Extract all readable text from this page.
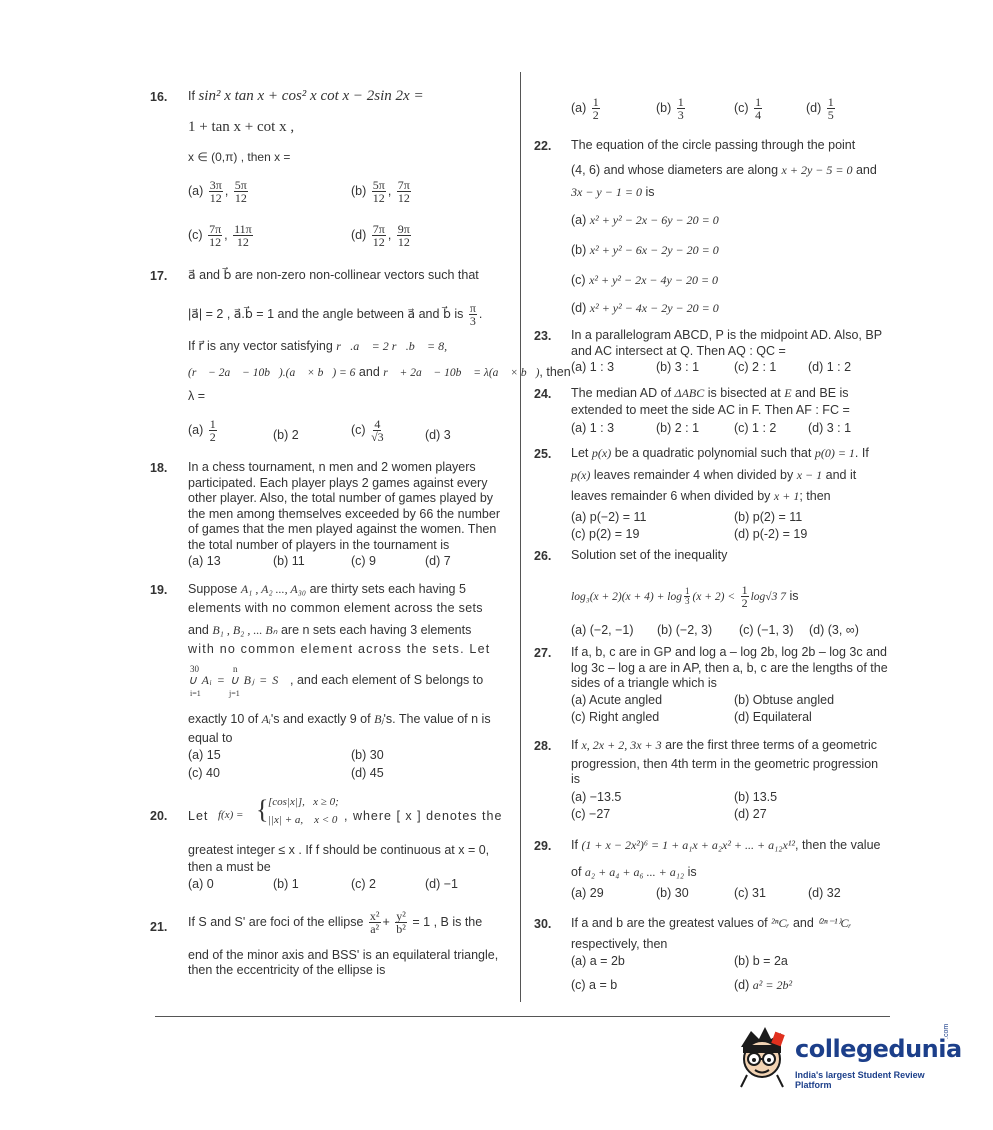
16. If sin² x tan x + cos² x cot x − 2sin 2x =
1 + tan x + cot x ,
x ∈ (0,π) , then x =
$(a) \frac{3\pi}{12}$ , $\frac{5\pi}{12}$	$(b) \frac{5\pi}{12}$ , $\frac{7\pi}{12}$
$(c) \frac{7\pi}{12}$ , $\frac{11\pi}{12}$	$(d) \frac{7\pi}{12}$ , $\frac{9\pi}{12}$
17. a⃗ and b⃗ are non-zero non-collinear vectors such that
|a⃗| = 2 , a⃗.b⃗ = 1 and the angle between a⃗ and b⃗ is $\frac{\pi}{3}$ .
If r⃗ is any vector satisfying r⃗.a⃗ = 2 r⃗.b⃗ = 8,
(r⃗ − 2a⃗ − 10b⃗).(a⃗ × b⃗) = 6 and r⃗ + 2a⃗ − 10b⃗ = λ(a⃗ × b⃗), then
λ =
$(a) \frac{1}{2}$	(b) 2	$(c) \frac{4}{√3}$	(d) 3
18. In a chess tournament, n men and 2 women players
participated. Each player plays 2 games against every
other player. Also, the total number of games played by
the men among themselves exceeded by 66 the number
of games that the men played against the women. Then
the total number of players in the tournament is
(a) 13	(b) 11	(c) 9	(d) 7
19. Suppose A₁ , A₂ ..., A₃₀ are thirty sets each having 5
elements with no common element across the sets
and B₁ , B₂ , ... Bₙ are n sets each having 3 elements
with no common element across the sets. Let
30
i=1
n
j=1
∪ Aᵢ = ∪ Bⱼ = S , and each element of S belongs to
exactly 10 of Aᵢ's and exactly 9 of Bⱼ's. The value of n is
equal to
(a) 15	(b) 30
(c) 40	(d) 45
20. Let f(x) = { [cos|x|],   x ≥ 0;
||x| + a,    x < 0 , where [ x ] denotes the
greatest integer ≤ x . If f should be continuous at x = 0,
then a must be
(a) 0	(b) 1	(c) 2	(d) −1
21. If S and S' are foci of the ellipse $\frac{\text{x²}}{\text{a²}} + \frac{\text{y²}}{\text{b²}} = 1$ , B is the
end of the minor axis and BSS' is an equilateral triangle,
then the eccentricity of the ellipse is
$(a) \frac{1}{2}$	$(b) \frac{1}{3}$	$(c) \frac{1}{4}$	$(d) \frac{1}{5}$
22. The equation of the circle passing through the point
(4, 6) and whose diameters are along x + 2y − 5 = 0 and
3x − y − 1 = 0 is
(a) x² + y² − 2x − 6y − 20 = 0
(b) x² + y² − 6x − 2y − 20 = 0
(c) x² + y² − 2x − 4y − 20 = 0
(d) x² + y² − 4x − 2y − 20 = 0
23. In a parallelogram ABCD, P is the midpoint AD. Also, BP
and AC intersect at Q. Then AQ : QC =
(a) 1 : 3	(b) 3 : 1	(c) 2 : 1	(d) 1 : 2
24. The median AD of ΔABC is bisected at E and BE is
extended to meet the side AC in F. Then AF : FC =
(a) 1 : 3	(b) 2 : 1	(c) 1 : 2	(d) 3 : 1
25. Let p(x) be a quadratic polynomial such that p(0) = 1. If
p(x) leaves remainder 4 when divided by x − 1 and it
leaves remainder 6 when divided by x + 1; then
(a) p(−2) = 11	(b) p(2) = 11
(c) p(2) = 19	(d) p(-2) = 19
26. Solution set of the inequality
$\log_3(x + 2)(x + 4) + \log \frac{1}{3} (x + 2) < \frac{1}{2} \log√3$ 7 is
(a) (−2, −1) (b) (−2, 3) (c) (−1, 3) (d) (3, ∞)
27. If a, b, c are in GP and log a – log 2b, log 2b – log 3c and
log 3c – log a are in AP, then a, b, c are the lengths of the
sides of a triangle which is
(a) Acute angled	(b) Obtuse angled
(c) Right angled	(d) Equilateral
28. If x, 2x + 2, 3x + 3 are the first three terms of a geometric
progression, then 4th term in the geometric progression
is
(a) −13.5	(b) 13.5
(c) −27	(d) 27
29. If (1 + x − 2x²)⁶ = 1 + a₁x + a₂x² + ... + a₁₂x¹², then the value
of a₂ + a₄ + a₆ ... + a₁₂ is
(a) 29	(b) 30	(c) 31	(d) 32
30. If a and b are the greatest values of ²ⁿCᵣ and ⁽²ⁿ⁻¹⁾Cᵣ
respectively, then
(a) a = 2b	(b) b = 2a
(c) a = b	(d) a² = 2b²
collegedunia
.com
India's largest Student Review Platform
